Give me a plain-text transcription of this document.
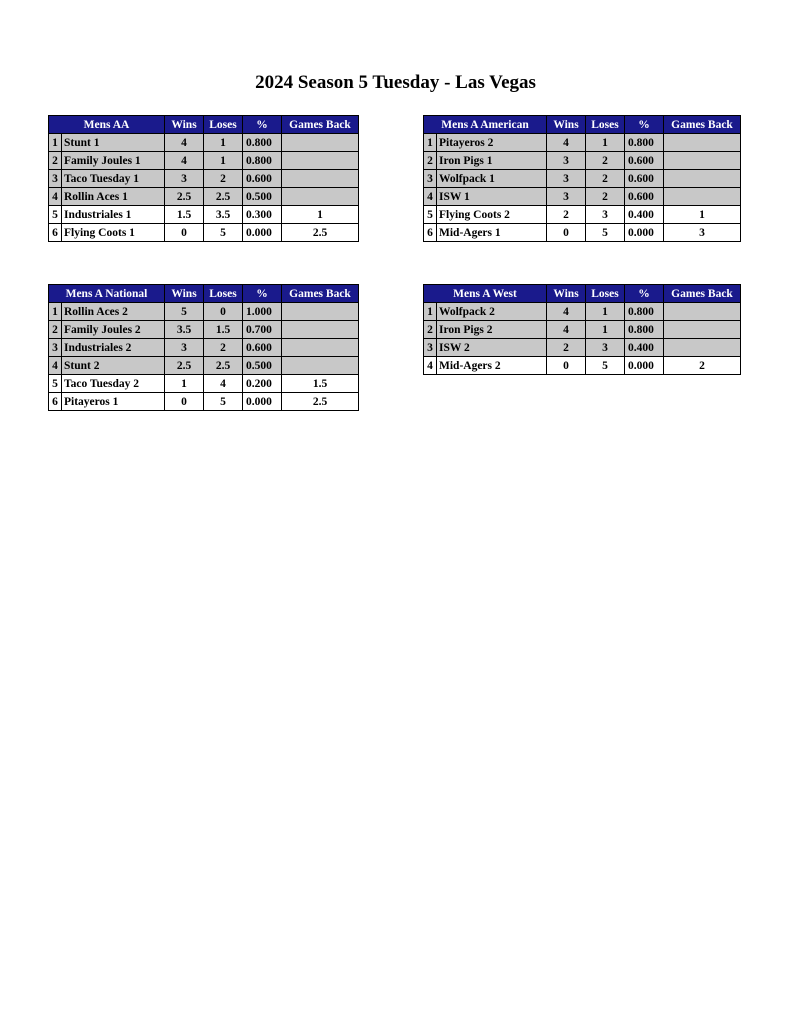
2024 Season 5 Tuesday - Las Vegas
Mens AA		Wins	Loses	%	Games Back
1	Stunt 1	4	1	0.800	
2	Family Joules 1	4	1	0.800	
3	Taco Tuesday 1	3	2	0.600	
4	Rollin Aces 1	2.5	2.5	0.500	
5	Industriales 1	1.5	3.5	0.300	1
6	Flying Coots 1	0	5	0.000	2.5
Mens A American		Wins	Loses	%	Games Back
1	Pitayeros 2	4	1	0.800	
2	Iron Pigs 1	3	2	0.600	
3	Wolfpack 1	3	2	0.600	
4	ISW 1	3	2	0.600	
5	Flying Coots 2	2	3	0.400	1
6	Mid-Agers 1	0	5	0.000	3
Mens A National		Wins	Loses	%	Games Back
1	Rollin Aces 2	5	0	1.000	
2	Family Joules 2	3.5	1.5	0.700	
3	Industriales 2	3	2	0.600	
4	Stunt 2	2.5	2.5	0.500	
5	Taco Tuesday 2	1	4	0.200	1.5
6	Pitayeros 1	0	5	0.000	2.5
Mens A West		Wins	Loses	%	Games Back
1	Wolfpack 2	4	1	0.800	
2	Iron Pigs 2	4	1	0.800	
3	ISW 2	2	3	0.400	
4	Mid-Agers 2	0	5	0.000	2
